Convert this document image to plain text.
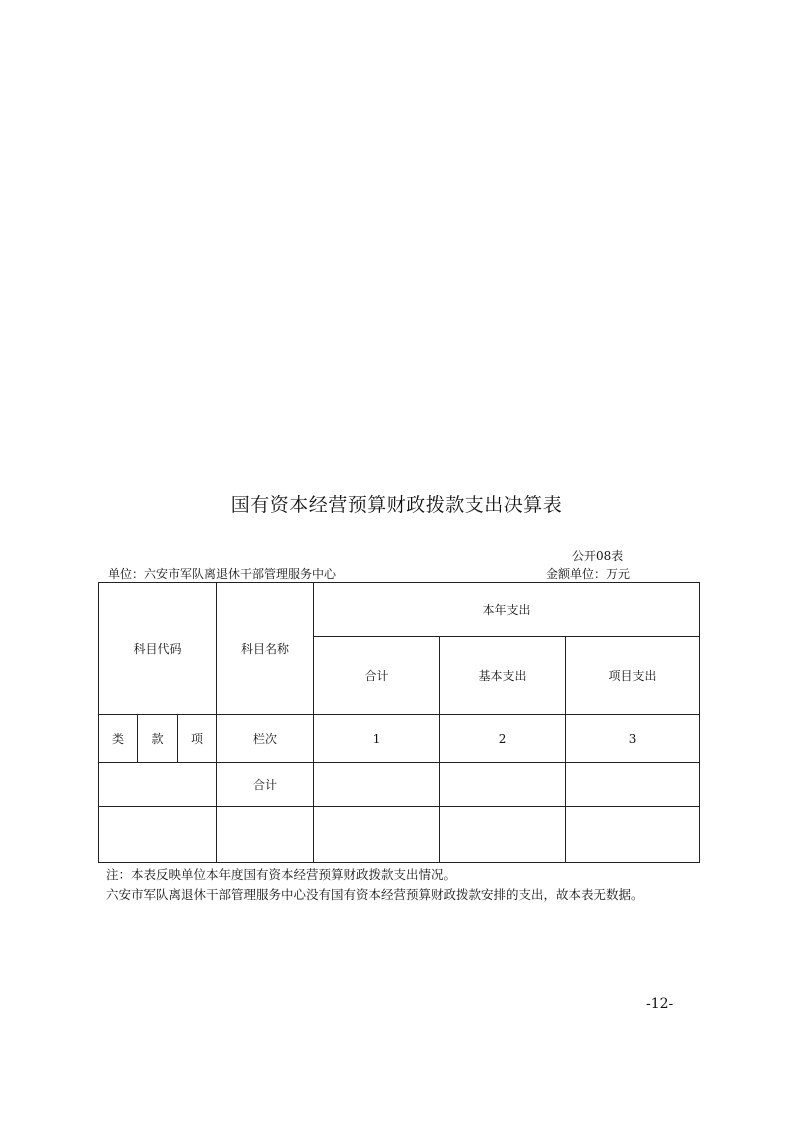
国有资本经营预算财政拨款支出决算表
公开08表
单位：六安市军队离退休干部管理服务中心	金额单位：万元
科目代码			科目名称	本年支出		
				合计	基本支出	项目支出
类	款	项	栏次	1	2	3
			合计			

注：本表反映单位本年度国有资本经营预算财政拨款支出情况。
六安市军队离退休干部管理服务中心没有国有资本经营预算财政拨款安排的支出，故本表无数据。
-12-
